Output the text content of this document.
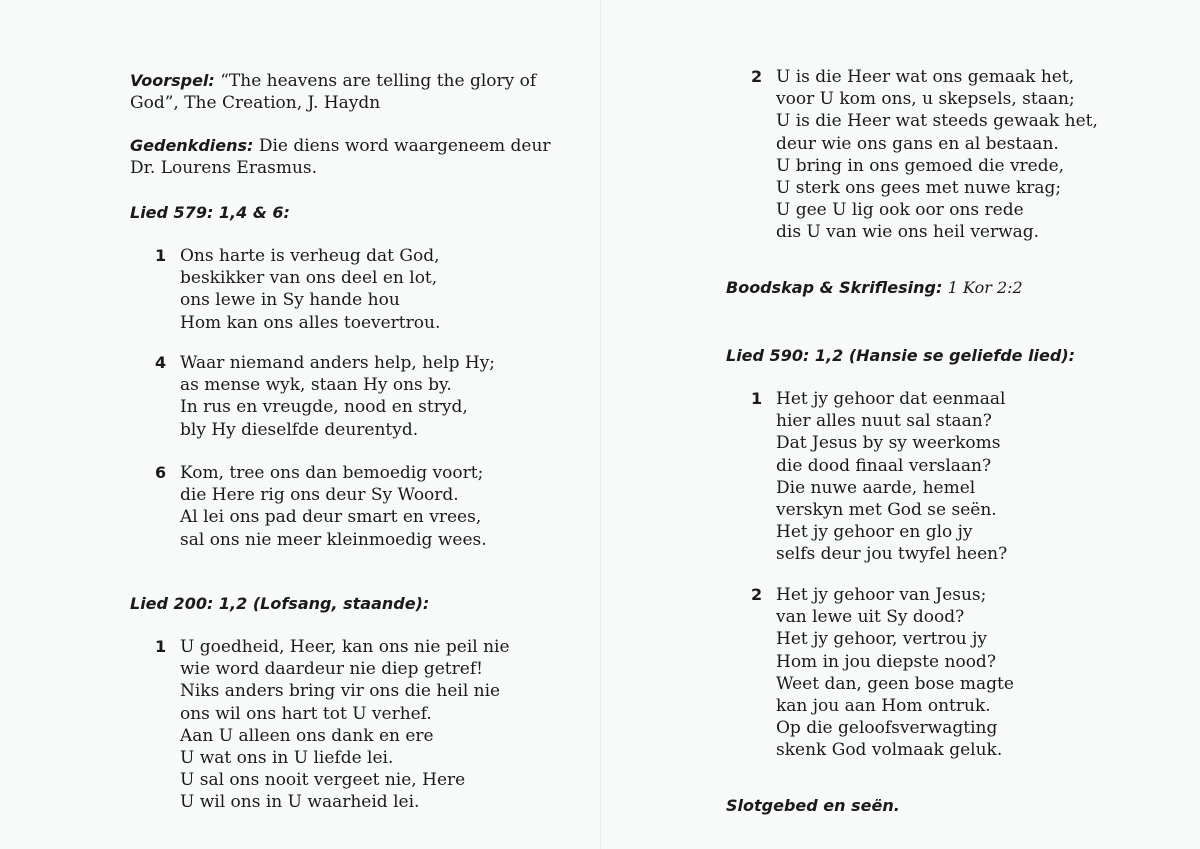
Voorspel: “The heavens are telling the glory of
God”, The Creation, J. Haydn
Gedenkdiens: Die diens word waargeneem deur
Dr. Lourens Erasmus.
Lied 579: 1,4 & 6:
1 Ons harte is verheug dat God,
beskikker van ons deel en lot,
ons lewe in Sy hande hou
Hom kan ons alles toevertrou.
4 Waar niemand anders help, help Hy;
as mense wyk, staan Hy ons by.
In rus en vreugde, nood en stryd,
bly Hy dieselfde deurentyd.
6 Kom, tree ons dan bemoedig voort;
die Here rig ons deur Sy Woord.
Al lei ons pad deur smart en vrees,
sal ons nie meer kleinmoedig wees.
Lied 200: 1,2 (Lofsang, staande):
1 U goedheid, Heer, kan ons nie peil nie
wie word daardeur nie diep getref!
Niks anders bring vir ons die heil nie
ons wil ons hart tot U verhef.
Aan U alleen ons dank en ere
U wat ons in U liefde lei.
U sal ons nooit vergeet nie, Here
U wil ons in U waarheid lei.
2 U is die Heer wat ons gemaak het,
voor U kom ons, u skepsels, staan;
U is die Heer wat steeds gewaak het,
deur wie ons gans en al bestaan.
U bring in ons gemoed die vrede,
U sterk ons gees met nuwe krag;
U gee U lig ook oor ons rede
dis U van wie ons heil verwag.
Boodskap & Skriflesing: 1 Kor 2:2
Lied 590: 1,2 (Hansie se geliefde lied):
1 Het jy gehoor dat eenmaal
hier alles nuut sal staan?
Dat Jesus by sy weerkoms
die dood finaal verslaan?
Die nuwe aarde, hemel
verskyn met God se seën.
Het jy gehoor en glo jy
selfs deur jou twyfel heen?
2 Het jy gehoor van Jesus;
van lewe uit Sy dood?
Het jy gehoor, vertrou jy
Hom in jou diepste nood?
Weet dan, geen bose magte
kan jou aan Hom ontruk.
Op die geloofsverwagting
skenk God volmaak geluk.
Slotgebed en seën.
